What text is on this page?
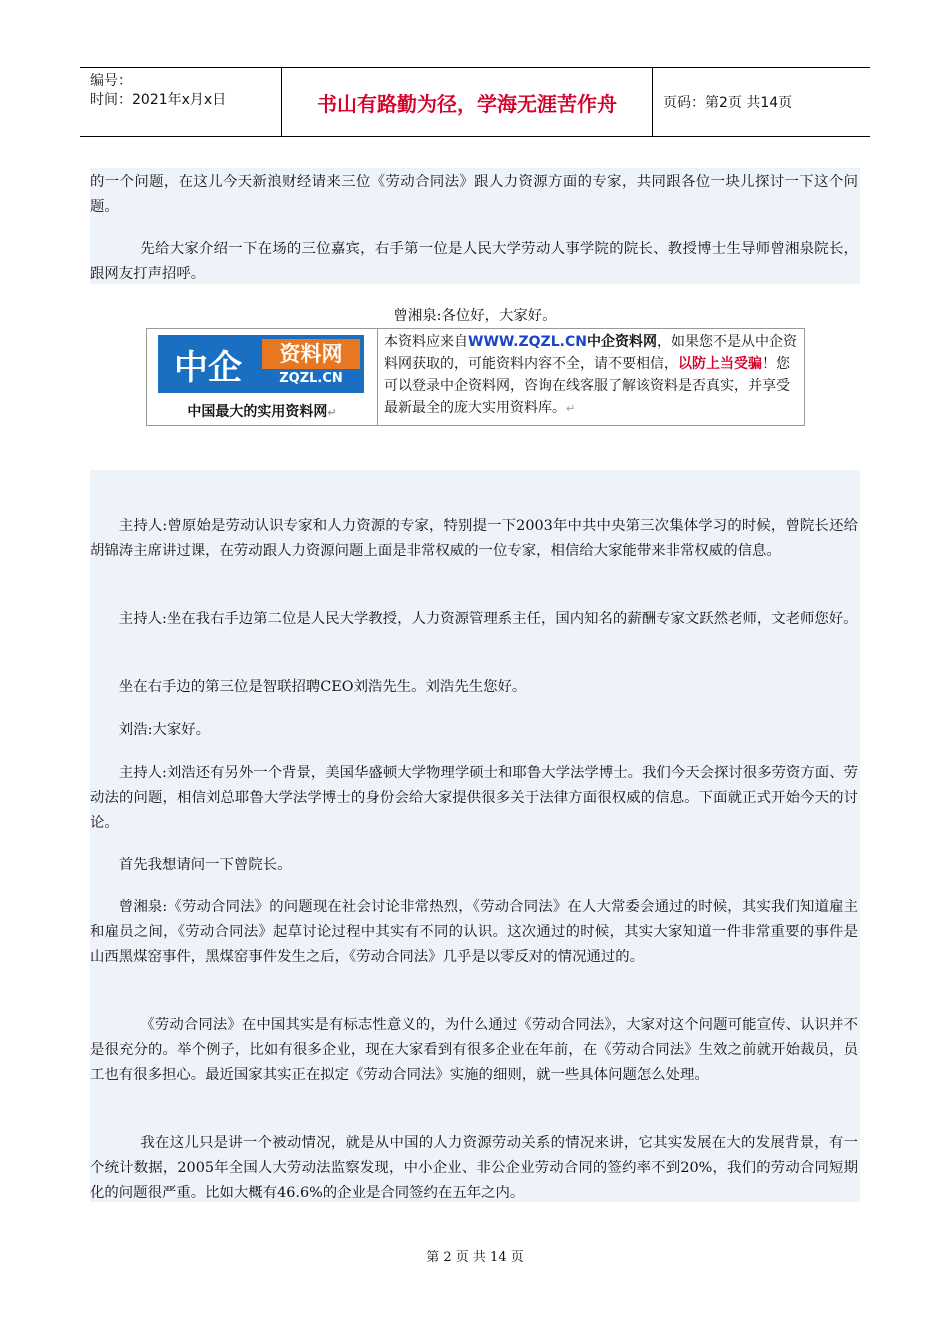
编号：
时间：2021年x月x日	书山有路勤为径，学海无涯苦作舟	页码：第2页 共14页
的一个问题，在这儿今天新浪财经请来三位《劳动合同法》跟人力资源方面的专家，共同跟各位一块儿探讨一下这个问题。
先给大家介绍一下在场的三位嘉宾，右手第一位是人民大学劳动人事学院的院长、教授博士生导师曾湘泉院长，跟网友打声招呼。
曾湘泉:各位好，大家好。
中企	资料网
ZQZL.CN
中国最大的实用资料网↵
本资料应来自WWW.ZQZL.CN中企资料网，如果您不是从中企资料网获取的，可能资料内容不全，请不要相信，以防上当受骗！您可以登录中企资料网，咨询在线客服了解该资料是否真实，并享受最新最全的庞大实用资料库。↵
主持人:曾原始是劳动认识专家和人力资源的专家，特别提一下2003年中共中央第三次集体学习的时候，曾院长还给胡锦涛主席讲过课，在劳动跟人力资源问题上面是非常权威的一位专家，相信给大家能带来非常权威的信息。
主持人:坐在我右手边第二位是人民大学教授，人力资源管理系主任，国内知名的薪酬专家文跃然老师，文老师您好。
坐在右手边的第三位是智联招聘CEO刘浩先生。刘浩先生您好。
刘浩:大家好。
主持人:刘浩还有另外一个背景，美国华盛顿大学物理学硕士和耶鲁大学法学博士。我们今天会探讨很多劳资方面、劳动法的问题，相信刘总耶鲁大学法学博士的身份会给大家提供很多关于法律方面很权威的信息。下面就正式开始今天的讨论。
首先我想请问一下曾院长。
曾湘泉:《劳动合同法》的问题现在社会讨论非常热烈，《劳动合同法》在人大常委会通过的时候，其实我们知道雇主和雇员之间，《劳动合同法》起草讨论过程中其实有不同的认识。这次通过的时候，其实大家知道一件非常重要的事件是山西黑煤窑事件，黑煤窑事件发生之后，《劳动合同法》几乎是以零反对的情况通过的。
《劳动合同法》在中国其实是有标志性意义的，为什么通过《劳动合同法》，大家对这个问题可能宣传、认识并不是很充分的。举个例子，比如有很多企业，现在大家看到有很多企业在年前，在《劳动合同法》生效之前就开始裁员，员工也有很多担心。最近国家其实正在拟定《劳动合同法》实施的细则，就一些具体问题怎么处理。
我在这儿只是讲一个被动情况，就是从中国的人力资源劳动关系的情况来讲，它其实发展在大的发展背景，有一个统计数据，2005年全国人大劳动法监察发现，中小企业、非公企业劳动合同的签约率不到20%，我们的劳动合同短期化的问题很严重。比如大概有46.6%的企业是合同签约在五年之内。
第 2 页 共 14 页
